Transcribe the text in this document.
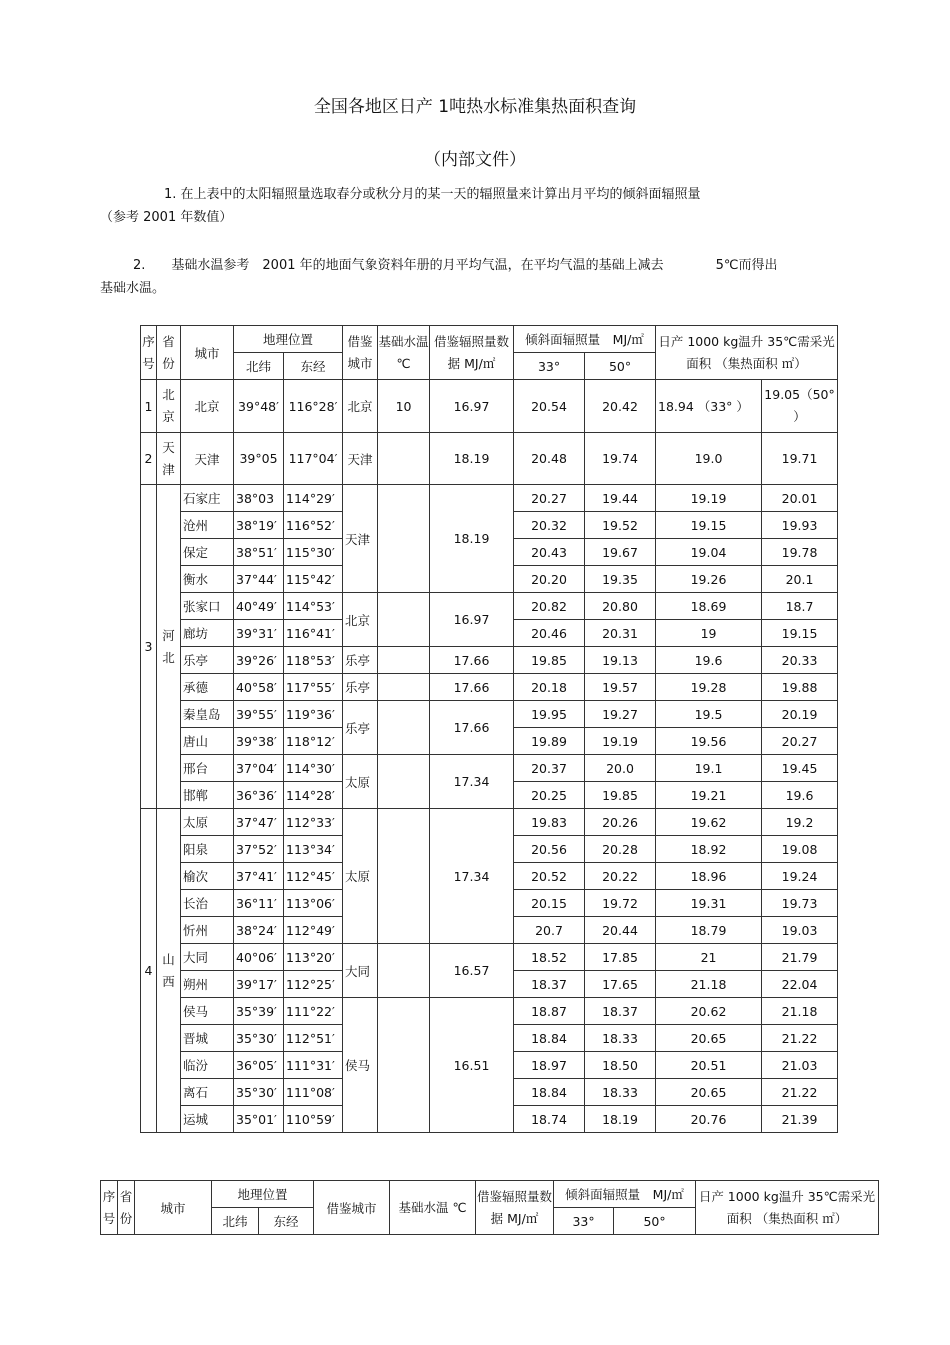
全国各地区日产 1吨热水标准集热面积查询
（内部文件）
1. 在上表中的太阳辐照量选取春分或秋分月的某一天的辐照量来计算出月平均的倾斜面辐照量
（参考 2001 年数值）
2.　　基础水温参考　2001 年的地面气象资料年册的月平均气温，在平均气温的基础上减去　　　　5℃而得出
基础水温。
序号	省份	城市	地理位置		借鉴城市	基础水温 ℃	借鉴辐照量数据 MJ/㎡	倾斜面辐照量　MJ/㎡		日产 1000 kg温升 35℃需采光面积 （集热面积 ㎡）	
			北纬	东经				33°	50°		
1	北京	北京	39°48′	116°28′	北京	10	16.97	20.54	20.42	18.94 （33° ）	19.05（50° ）
2	天津	天津	39°05	117°04′	天津		18.19	20.48	19.74	19.0	19.71
3	河北	石家庄	38°03	114°29′	天津		18.19	20.27	19.44	19.19	20.01
		沧州	38°19′	116°52′				20.32	19.52	19.15	19.93
		保定	38°51′	115°30′				20.43	19.67	19.04	19.78
		衡水	37°44′	115°42′				20.20	19.35	19.26	20.1
		张家口	40°49′	114°53′	北京		16.97	20.82	20.80	18.69	18.7
		廊坊	39°31′	116°41′				20.46	20.31	19	19.15
		乐亭	39°26′	118°53′	乐亭		17.66	19.85	19.13	19.6	20.33
		承德	40°58′	117°55′	乐亭		17.66	20.18	19.57	19.28	19.88
		秦皇岛	39°55′	119°36′	乐亭		17.66	19.95	19.27	19.5	20.19
		唐山	39°38′	118°12′				19.89	19.19	19.56	20.27
		邢台	37°04′	114°30′	太原		17.34	20.37	20.0	19.1	19.45
		邯郸	36°36′	114°28′				20.25	19.85	19.21	19.6
4	山西	太原	37°47′	112°33′	太原		17.34	19.83	20.26	19.62	19.2
		阳泉	37°52′	113°34′				20.56	20.28	18.92	19.08
		榆次	37°41′	112°45′				20.52	20.22	18.96	19.24
		长治	36°11′	113°06′				20.15	19.72	19.31	19.73
		忻州	38°24′	112°49′				20.7	20.44	18.79	19.03
		大同	40°06′	113°20′	大同		16.57	18.52	17.85	21	21.79
		朔州	39°17′	112°25′				18.37	17.65	21.18	22.04
		侯马	35°39′	111°22′	侯马		16.51	18.87	18.37	20.62	21.18
		晋城	35°30′	112°51′				18.84	18.33	20.65	21.22
		临汾	36°05′	111°31′				18.97	18.50	20.51	21.03
		离石	35°30′	111°08′				18.84	18.33	20.65	21.22
		运城	35°01′	110°59′				18.74	18.19	20.76	21.39
序号	省份	城市	地理位置		借鉴城市	基础水温 ℃	借鉴辐照量数据 MJ/㎡	倾斜面辐照量　MJ/㎡		日产 1000 kg温升 35℃需采光面积 （集热面积 ㎡）
			北纬	东经				33°	50°	
